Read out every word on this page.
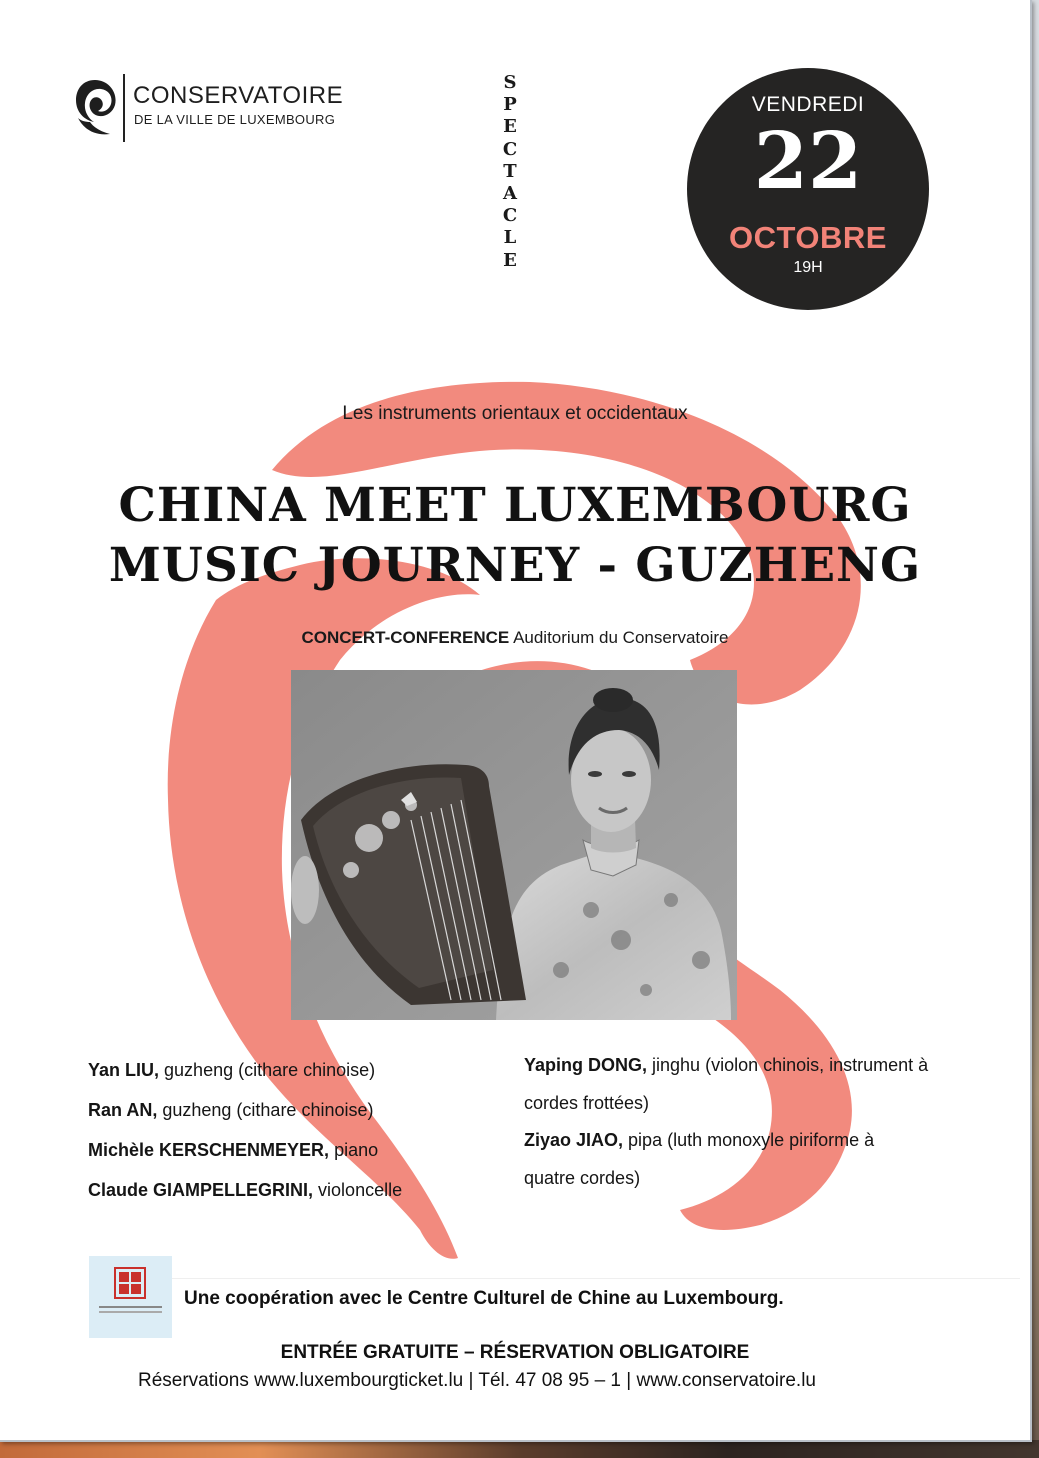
CONSERVATOIRE
DE LA VILLE DE LUXEMBOURG
SPECTACLE
VENDREDI
22
OCTOBRE
19H
Les instruments orientaux et occidentaux
CHINA MEET LUXEMBOURG
MUSIC JOURNEY - GUZHENG
CONCERT-CONFERENCE Auditorium du Conservatoire
Yan LIU, guzheng (cithare chinoise)
Ran AN, guzheng (cithare chinoise)
Michèle KERSCHENMEYER, piano
Claude GIAMPELLEGRINI, violoncelle
Yaping DONG, jinghu (violon chinois, instrument à
cordes frottées)
Ziyao JIAO, pipa (luth monoxyle piriforme à
quatre cordes)
Une coopération avec le Centre Culturel de Chine au Luxembourg.
ENTRÉE GRATUITE – RÉSERVATION OBLIGATOIRE
Réservations www.luxembourgticket.lu | Tél. 47 08 95 – 1 | www.conservatoire.lu
